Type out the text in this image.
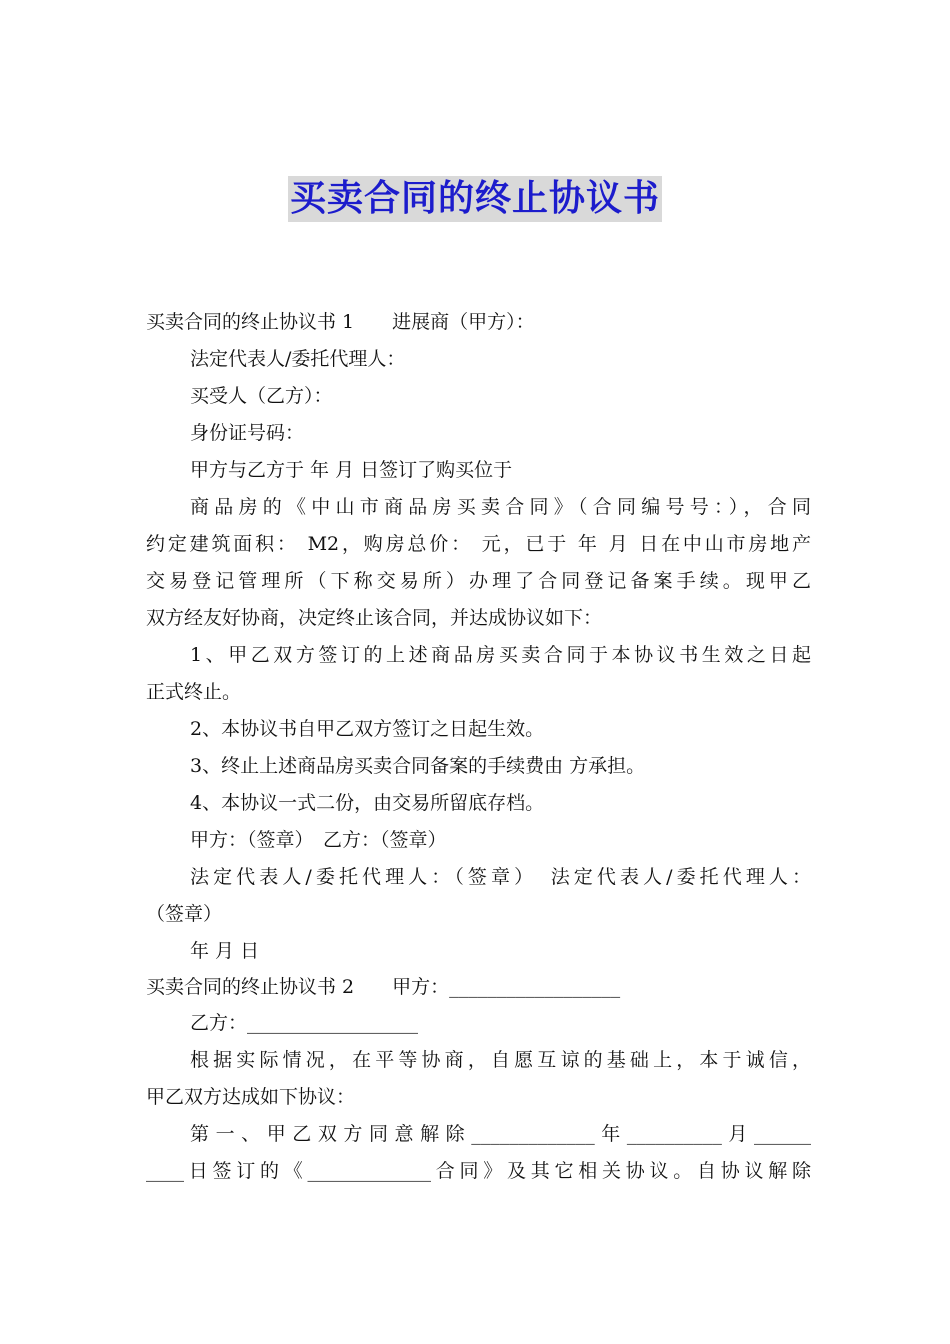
买卖合同的终止协议书
买卖合同的终止协议书 1　　进展商（甲方）：
法定代表人/委托代理人：
买受人（乙方）：
身份证号码：
甲方与乙方于 年 月 日签订了购买位于
商品房的《中山市商品房买卖合同》（合同编号号：），合同
约定建筑面积： M2，购房总价： 元，已于 年 月 日在中山市房地产
交易登记管理所（下称交易所）办理了合同登记备案手续。现甲乙
双方经友好协商，决定终止该合同，并达成协议如下：
1、甲乙双方签订的上述商品房买卖合同于本协议书生效之日起
正式终止。
2、本协议书自甲乙双方签订之日起生效。
3、终止上述商品房买卖合同备案的手续费由 方承担。
4、本协议一式二份，由交易所留底存档。
甲方：（签章）　乙方：（签章）
法定代表人/委托代理人：（签章）　法定代表人/委托代理人：
（签章）
年 月 日
买卖合同的终止协议书 2　　甲方：__________________
乙方：__________________
根据实际情况，在平等协商，自愿互谅的基础上，本于诚信，
甲乙双方达成如下协议：
第一、甲乙双方同意解除_____________年__________月______
____日签订的《_____________合同》及其它相关协议。自协议解除
